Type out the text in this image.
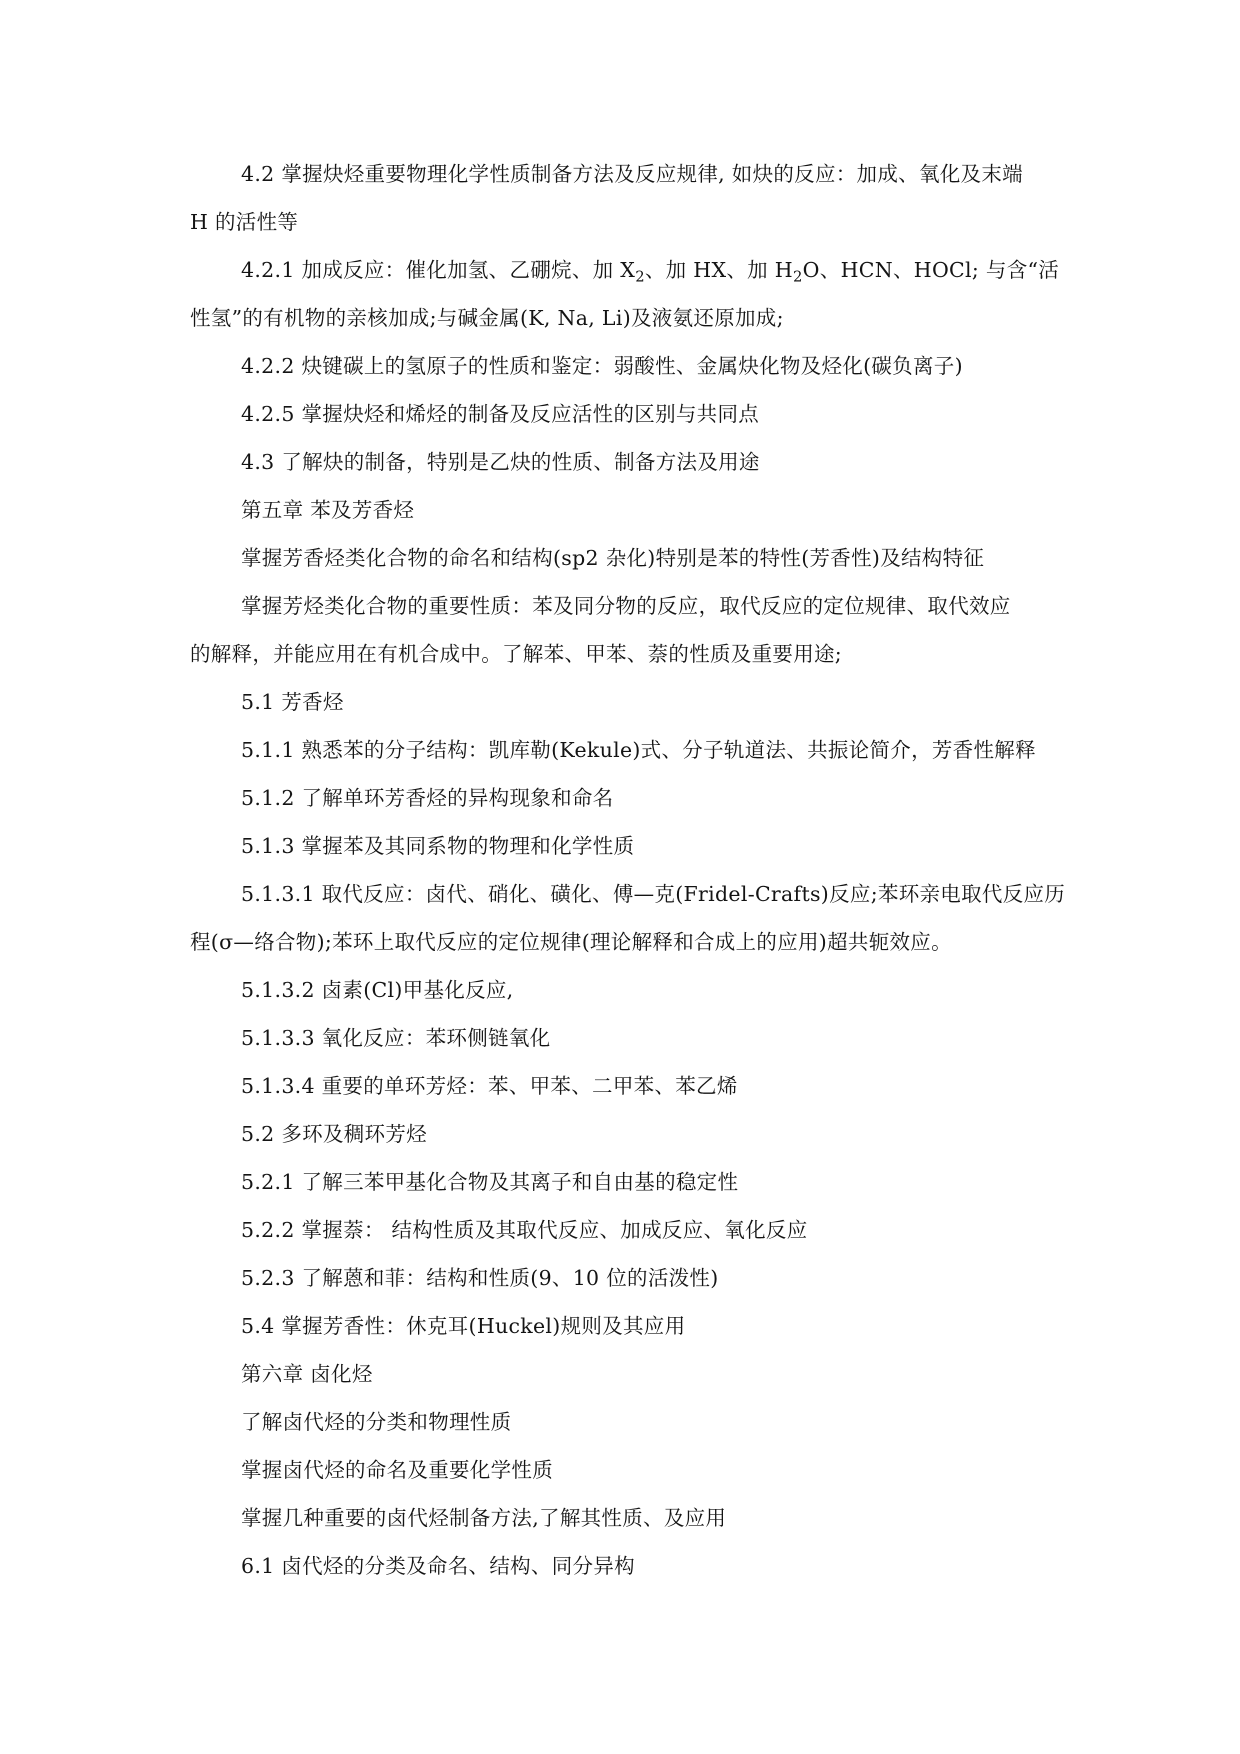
4.2 掌握炔烃重要物理化学性质制备方法及反应规律, 如炔的反应：加成、氧化及末端
H 的活性等
4.2.1 加成反应：催化加氢、乙硼烷、加 $X_2$、加 HX、加 $H_2O$、HCN、HOCl; 与含“活
性氢”的有机物的亲核加成;与碱金属(K, Na, Li)及液氨还原加成;
4.2.2 炔键碳上的氢原子的性质和鉴定：弱酸性、金属炔化物及烃化(碳负离子)
4.2.5 掌握炔烃和烯烃的制备及反应活性的区别与共同点
4.3 了解炔的制备，特别是乙炔的性质、制备方法及用途
第五章 苯及芳香烃
掌握芳香烃类化合物的命名和结构(sp2 杂化)特别是苯的特性(芳香性)及结构特征
掌握芳烃类化合物的重要性质：苯及同分物的反应，取代反应的定位规律、取代效应
的解释，并能应用在有机合成中。了解苯、甲苯、萘的性质及重要用途;
5.1 芳香烃
5.1.1 熟悉苯的分子结构：凯库勒(Kekule)式、分子轨道法、共振论简介，芳香性解释
5.1.2 了解单环芳香烃的异构现象和命名
5.1.3 掌握苯及其同系物的物理和化学性质
5.1.3.1 取代反应：卤代、硝化、磺化、傅—克(Fridel-Crafts)反应;苯环亲电取代反应历
程(σ—络合物);苯环上取代反应的定位规律(理论解释和合成上的应用)超共轭效应。
5.1.3.2 卤素(Cl)甲基化反应,
5.1.3.3 氧化反应：苯环侧链氧化
5.1.3.4 重要的单环芳烃：苯、甲苯、二甲苯、苯乙烯
5.2 多环及稠环芳烃
5.2.1 了解三苯甲基化合物及其离子和自由基的稳定性
5.2.2 掌握萘： 结构性质及其取代反应、加成反应、氧化反应
5.2.3 了解蒽和菲：结构和性质(9、10 位的活泼性)
5.4 掌握芳香性：休克耳(Huckel)规则及其应用
第六章 卤化烃
了解卤代烃的分类和物理性质
掌握卤代烃的命名及重要化学性质
掌握几种重要的卤代烃制备方法,了解其性质、及应用
6.1 卤代烃的分类及命名、结构、同分异构
